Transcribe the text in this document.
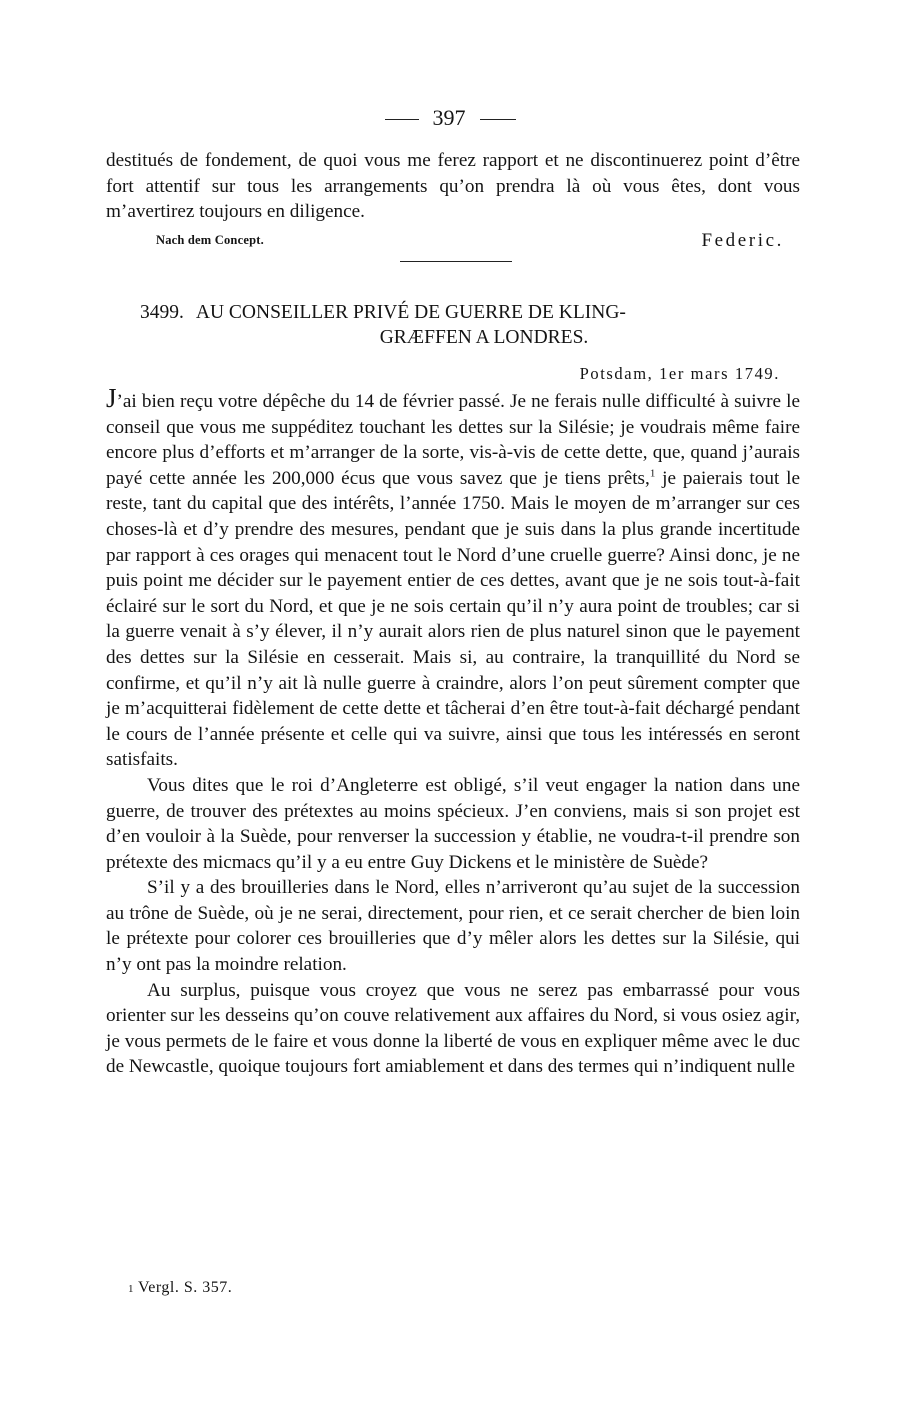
397

destitués de fondement, de quoi vous me ferez rapport et ne discontinuerez point d’être fort attentif sur tous les arrangements qu’on prendra là où vous êtes, dont vous m’avertirez toujours en diligence.

Nach dem Concept.	Federic.
3499. AU CONSEILLER PRIVÉ DE GUERRE DE KLING-
GRÆFFEN A LONDRES.
Potsdam, 1er mars 1749.

J’ai bien reçu votre dépêche du 14 de février passé. Je ne ferais nulle difficulté à suivre le conseil que vous me suppéditez touchant les dettes sur la Silésie; je voudrais même faire encore plus d’efforts et m’arranger de la sorte, vis-à-vis de cette dette, que, quand j’aurais payé cette année les 200,000 écus que vous savez que je tiens prêts,$^1$ je paierais tout le reste, tant du capital que des intérêts, l’année 1750. Mais le moyen de m’arranger sur ces choses-là et d’y prendre des mesures, pendant que je suis dans la plus grande incertitude par rapport à ces orages qui menacent tout le Nord d’une cruelle guerre? Ainsi donc, je ne puis point me décider sur le payement entier de ces dettes, avant que je ne sois tout-à-fait éclairé sur le sort du Nord, et que je ne sois certain qu’il n’y aura point de troubles; car si la guerre venait à s’y élever, il n’y aurait alors rien de plus naturel sinon que le payement des dettes sur la Silésie en cesserait. Mais si, au contraire, la tranquillité du Nord se confirme, et qu’il n’y ait là nulle guerre à craindre, alors l’on peut sûrement compter que je m’acquitterai fidèlement de cette dette et tâcherai d’en être tout-à-fait déchargé pendant le cours de l’année présente et celle qui va suivre, ainsi que tous les intéressés en seront satisfaits.

Vous dites que le roi d’Angleterre est obligé, s’il veut engager la nation dans une guerre, de trouver des prétextes au moins spécieux. J’en conviens, mais si son projet est d’en vouloir à la Suède, pour renverser la succession y établie, ne voudra-t-il prendre son prétexte des micmacs qu’il y a eu entre Guy Dickens et le ministère de Suède?

S’il y a des brouilleries dans le Nord, elles n’arriveront qu’au sujet de la succession au trône de Suède, où je ne serai, directement, pour rien, et ce serait chercher de bien loin le prétexte pour colorer ces brouilleries que d’y mêler alors les dettes sur la Silésie, qui n’y ont pas la moindre relation.

Au surplus, puisque vous croyez que vous ne serez pas embarrassé pour vous orienter sur les desseins qu’on couve relativement aux affaires du Nord, si vous osiez agir, je vous permets de le faire et vous donne la liberté de vous en expliquer même avec le duc de Newcastle, quoique toujours fort amiablement et dans des termes qui n’indiquent nulle

1 Vergl. S. 357.
